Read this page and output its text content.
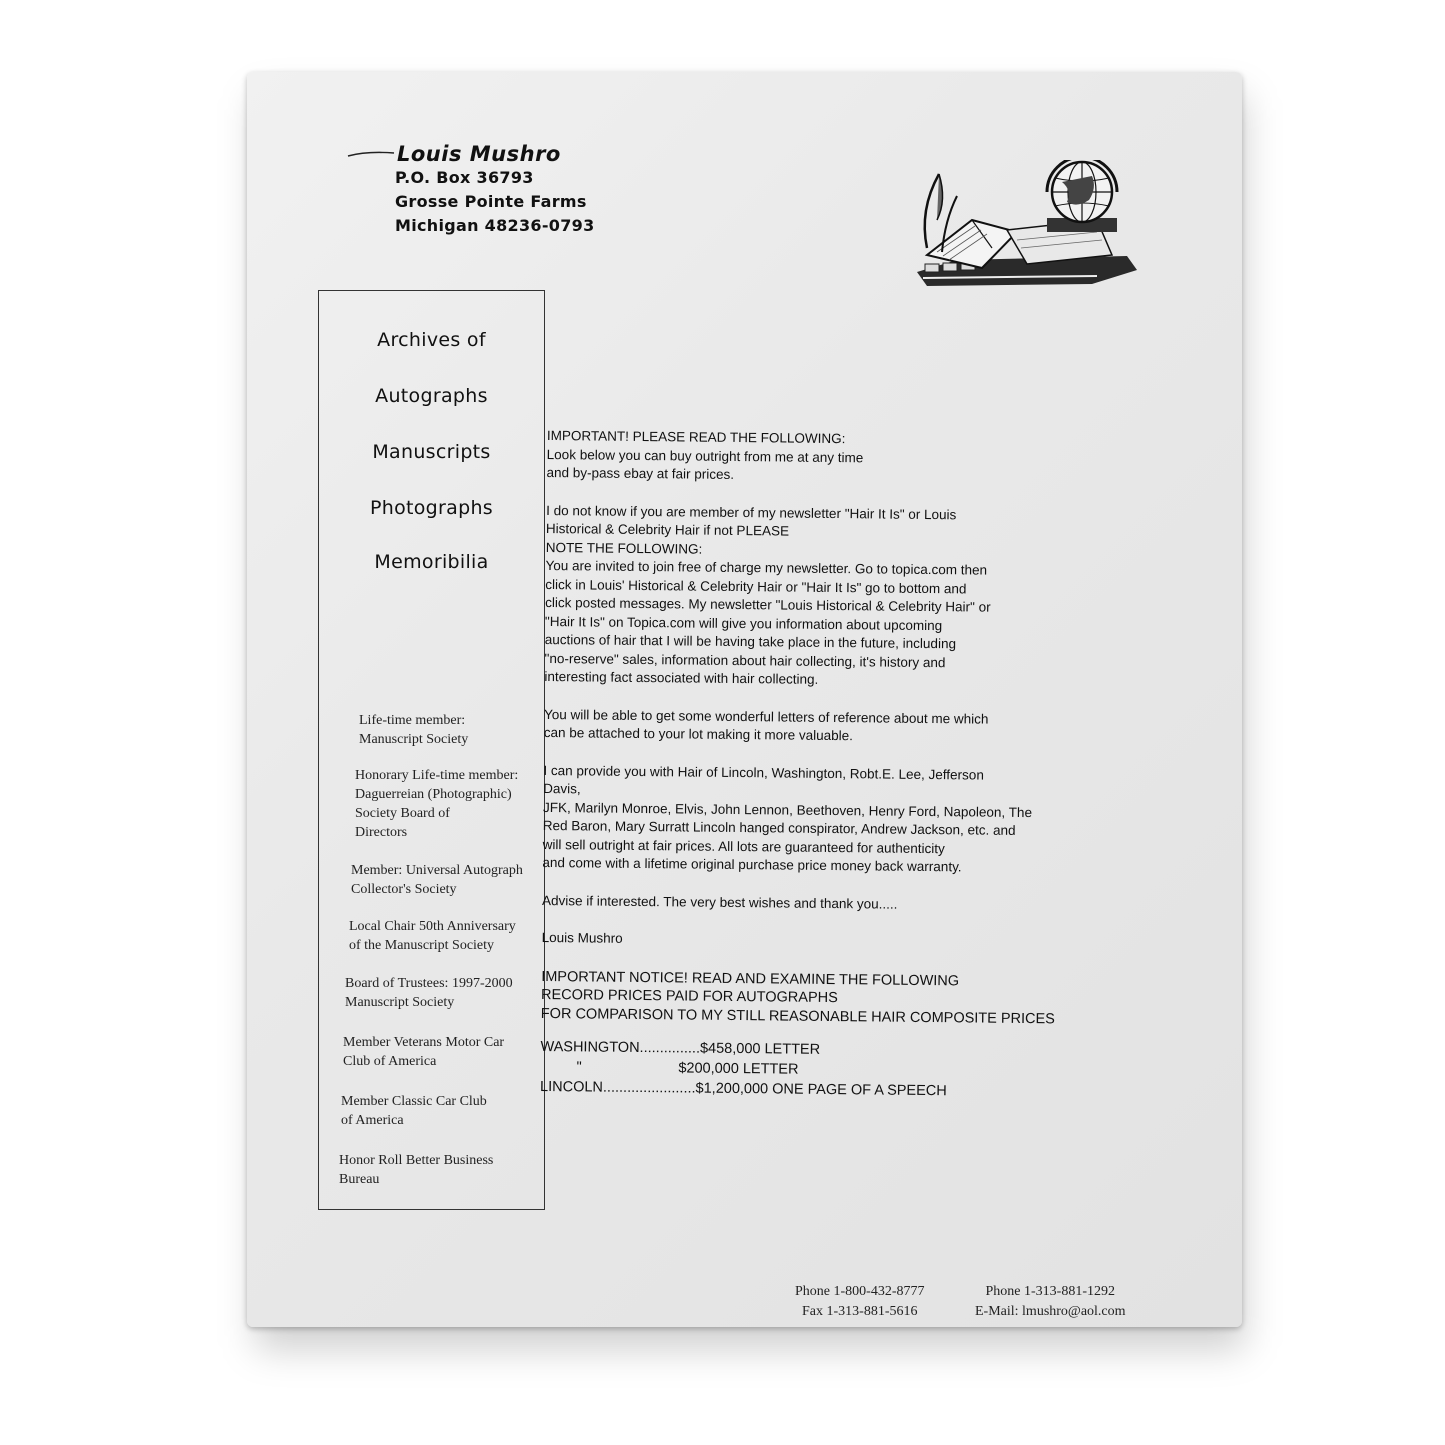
Louis Mushro
P.O. Box 36793
Grosse Pointe Farms
Michigan 48236-0793
Archives of
Autographs
Manuscripts
Photographs
Memoribilia
Life-time member:
Manuscript Society
Honorary Life-time member:
Daguerreian (Photographic)
Society Board of
Directors
Member: Universal Autograph
Collector's Society
Local Chair 50th Anniversary
of the Manuscript Society
Board of Trustees: 1997-2000
Manuscript Society
Member Veterans Motor Car
Club of America
Member Classic Car Club
of America
Honor Roll Better Business
Bureau

IMPORTANT! PLEASE READ THE FOLLOWING:
Look below you can buy outright from me at any time
and by-pass ebay at fair prices.

I do not know if you are member of my newsletter "Hair It Is" or Louis
Historical & Celebrity Hair if not PLEASE
NOTE THE FOLLOWING:
You are invited to join free of charge my newsletter. Go to topica.com then
click in Louis' Historical & Celebrity Hair or "Hair It Is" go to bottom and
click posted messages. My newsletter "Louis Historical & Celebrity Hair" or
"Hair It Is" on Topica.com will give you information about upcoming
auctions of hair that I will be having take place in the future, including
"no-reserve" sales, information about hair collecting, it's history and
interesting fact associated with hair collecting.

You will be able to get some wonderful letters of reference about me which
can be attached to your lot making it more valuable.

I can provide you with Hair of Lincoln, Washington, Robt.E. Lee, Jefferson
Davis,
JFK, Marilyn Monroe, Elvis, John Lennon, Beethoven, Henry Ford, Napoleon, The
Red Baron, Mary Surratt Lincoln hanged conspirator, Andrew Jackson, etc. and
will sell outright at fair prices. All lots are guaranteed for authenticity
and come with a lifetime original purchase price money back warranty.

Advise if interested. The very best wishes and thank you.....

Louis Mushro

IMPORTANT NOTICE! READ AND EXAMINE THE FOLLOWING
RECORD PRICES PAID FOR AUTOGRAPHS
FOR COMPARISON TO MY STILL REASONABLE HAIR COMPOSITE PRICES
WASHINGTON...............$458,000 LETTER
"                        $200,000 LETTER
LINCOLN.......................$1,200,000 ONE PAGE OF A SPEECH
Phone 1-800-432-8777
Fax 1-313-881-5616
Phone 1-313-881-1292
E-Mail: lmushro@aol.com
